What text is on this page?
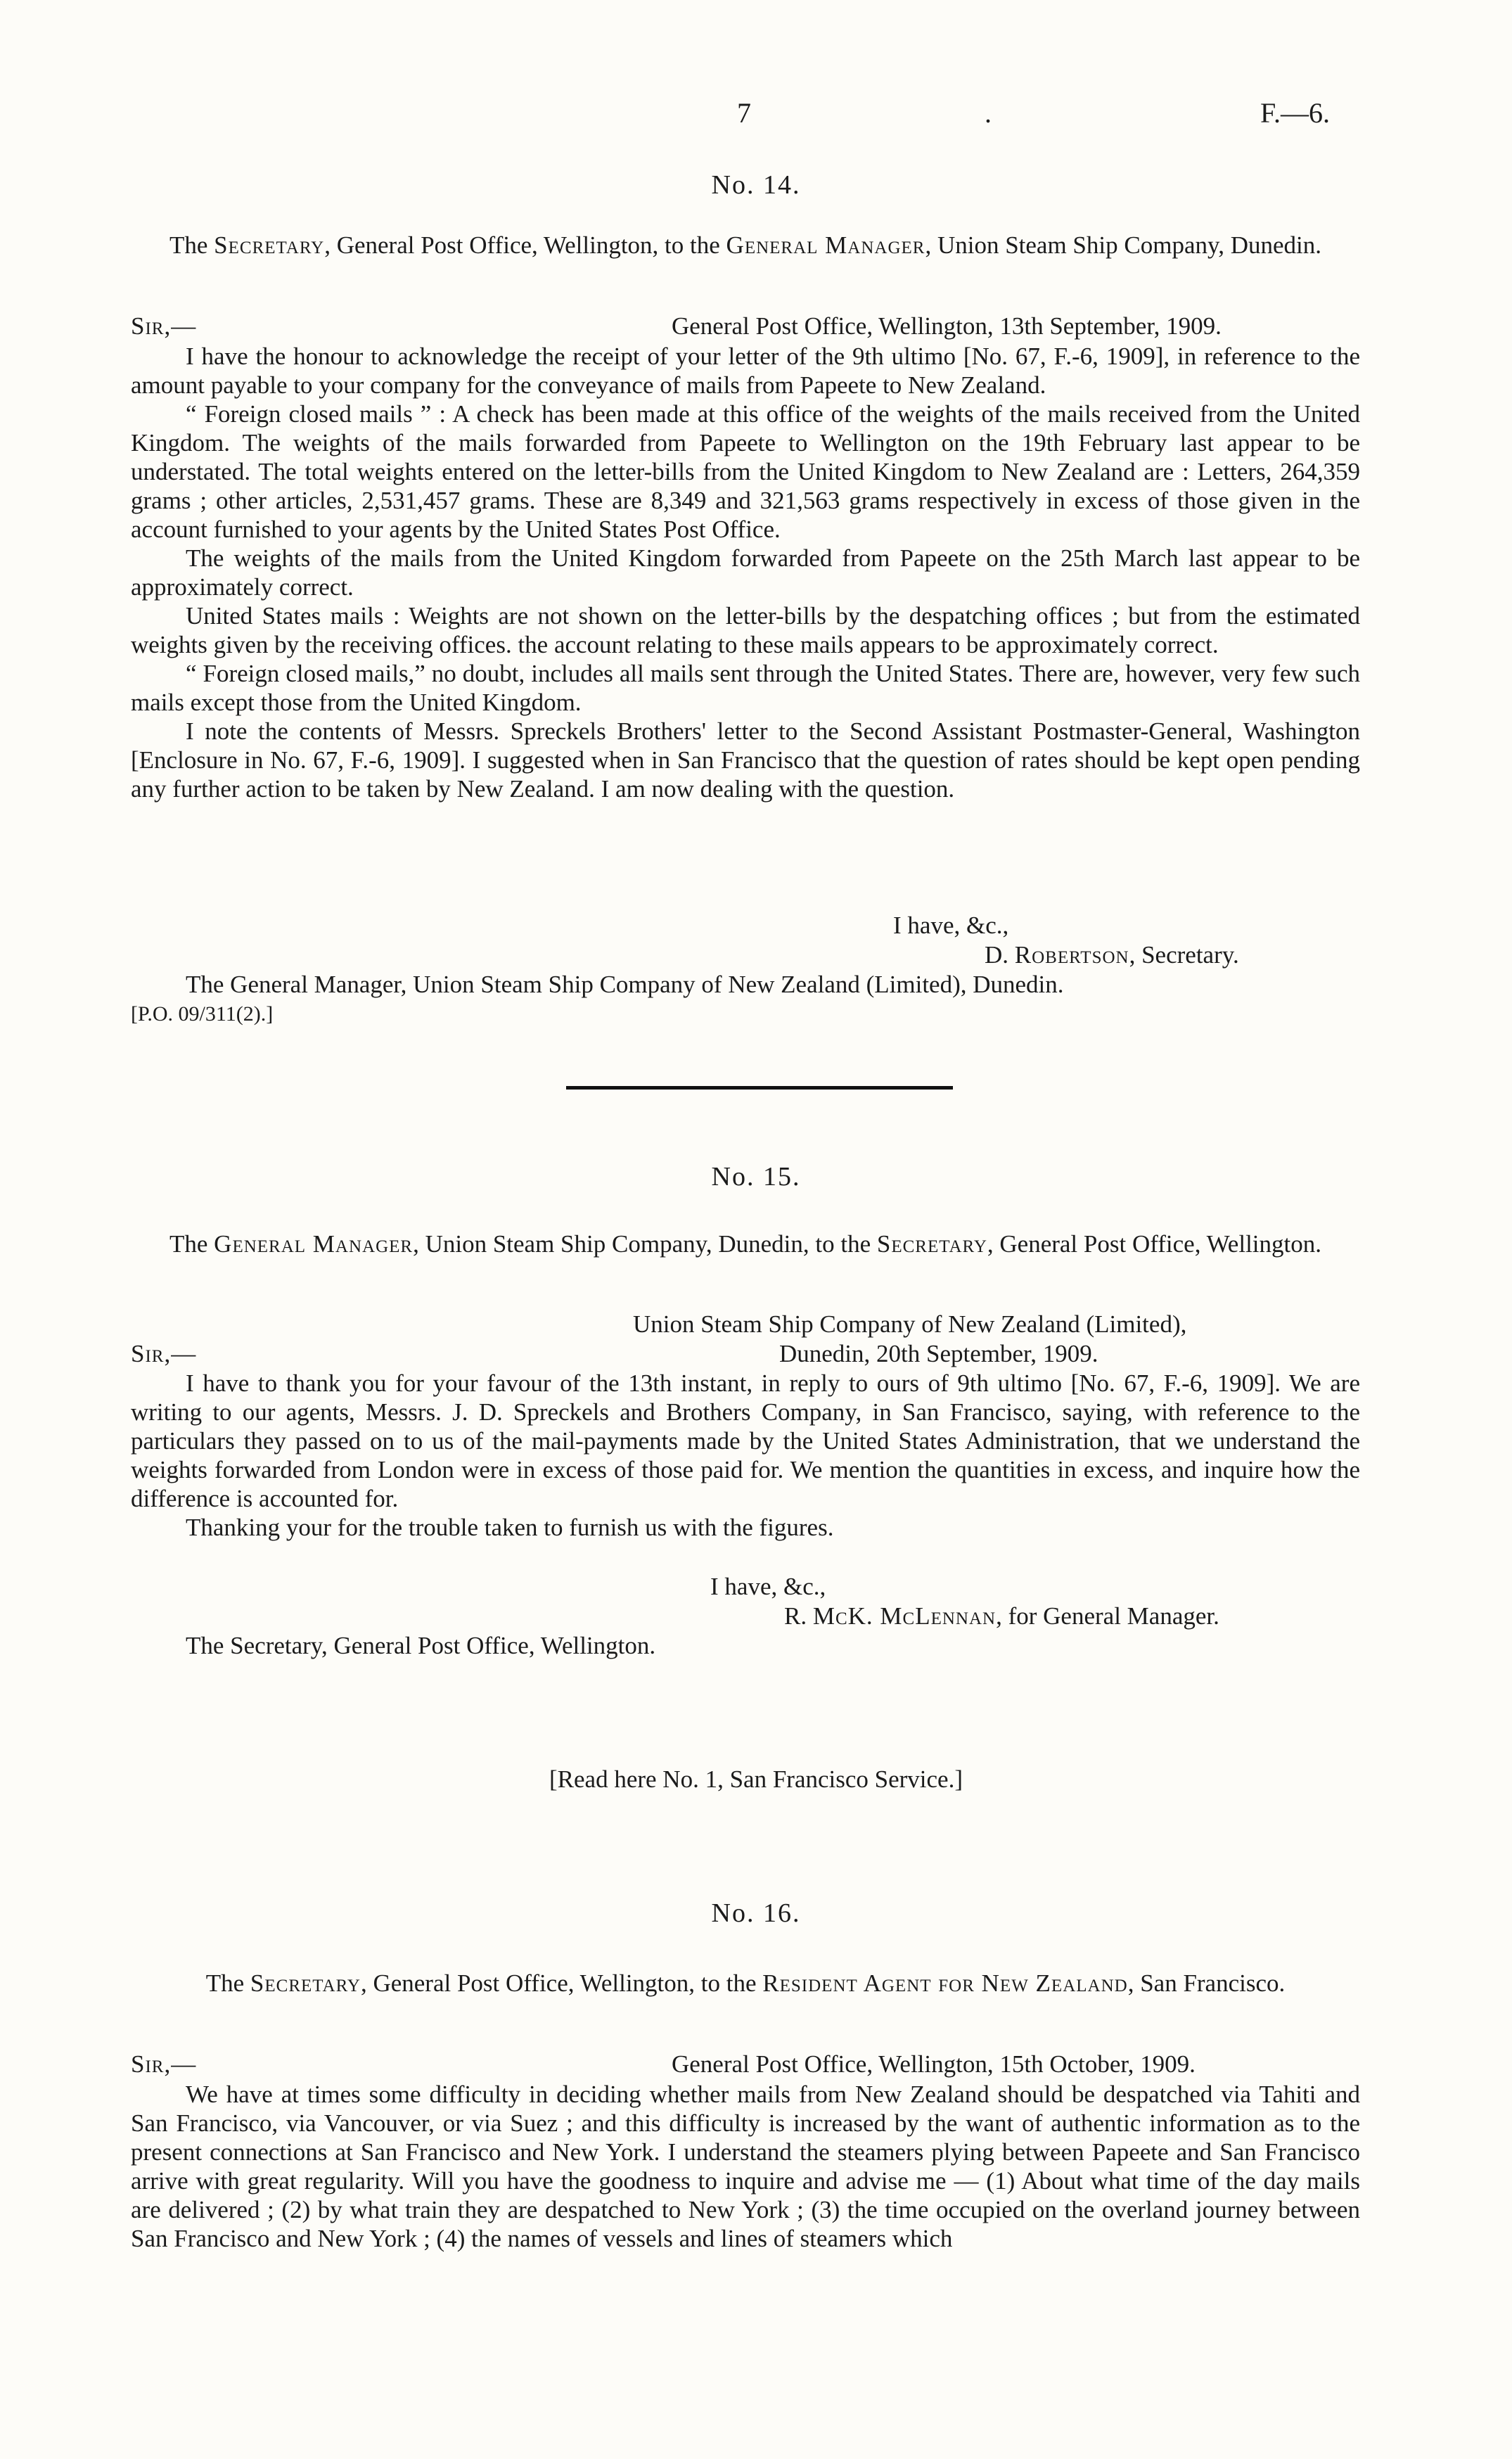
7	.	F.—6.
No. 14.
The Secretary, General Post Office, Wellington, to the General Manager, Union Steam Ship Company, Dunedin.
Sir,—	General Post Office, Wellington, 13th September, 1909.

I have the honour to acknowledge the receipt of your letter of the 9th ultimo [No. 67, F.-6, 1909], in reference to the amount payable to your company for the conveyance of mails from Papeete to New Zealand.

“ Foreign closed mails ” : A check has been made at this office of the weights of the mails received from the United Kingdom. The weights of the mails forwarded from Papeete to Wellington on the 19th February last appear to be understated. The total weights entered on the letter-bills from the United Kingdom to New Zealand are : Letters, 264,359 grams ; other articles, 2,531,457 grams. These are 8,349 and 321,563 grams respectively in excess of those given in the account furnished to your agents by the United States Post Office.

The weights of the mails from the United Kingdom forwarded from Papeete on the 25th March last appear to be approximately correct.

United States mails : Weights are not shown on the letter-bills by the despatching offices ; but from the estimated weights given by the receiving offices. the account relating to these mails appears to be approximately correct.

“ Foreign closed mails,” no doubt, includes all mails sent through the United States. There are, however, very few such mails except those from the United Kingdom.

I note the contents of Messrs. Spreckels Brothers' letter to the Second Assistant Postmaster-General, Washington [Enclosure in No. 67, F.-6, 1909]. I suggested when in San Francisco that the question of rates should be kept open pending any further action to be taken by New Zealand. I am now dealing with the question.

I have, &c.,
D. Robertson, Secretary.
The General Manager, Union Steam Ship Company of New Zealand (Limited), Dunedin.
[P.O. 09/311(2).]
No. 15.
The General Manager, Union Steam Ship Company, Dunedin, to the Secretary, General Post Office, Wellington.
Union Steam Ship Company of New Zealand (Limited),
Sir,—	Dunedin, 20th September, 1909.

I have to thank you for your favour of the 13th instant, in reply to ours of 9th ultimo [No. 67, F.-6, 1909]. We are writing to our agents, Messrs. J. D. Spreckels and Brothers Company, in San Francisco, saying, with reference to the particulars they passed on to us of the mail-payments made by the United States Administration, that we understand the weights forwarded from London were in excess of those paid for. We mention the quantities in excess, and inquire how the difference is accounted for.

Thanking your for the trouble taken to furnish us with the figures.

I have, &c.,
R. McK. McLennan, for General Manager.
The Secretary, General Post Office, Wellington.
[Read here No. 1, San Francisco Service.]
No. 16.
The Secretary, General Post Office, Wellington, to the Resident Agent for New Zealand, San Francisco.
Sir,—	General Post Office, Wellington, 15th October, 1909.

We have at times some difficulty in deciding whether mails from New Zealand should be despatched via Tahiti and San Francisco, via Vancouver, or via Suez ; and this difficulty is increased by the want of authentic information as to the present connections at San Francisco and New York. I understand the steamers plying between Papeete and San Francisco arrive with great regularity. Will you have the goodness to inquire and advise me — (1) About what time of the day mails are delivered ; (2) by what train they are despatched to New York ; (3) the time occupied on the overland journey between San Francisco and New York ; (4) the names of vessels and lines of steamers which
